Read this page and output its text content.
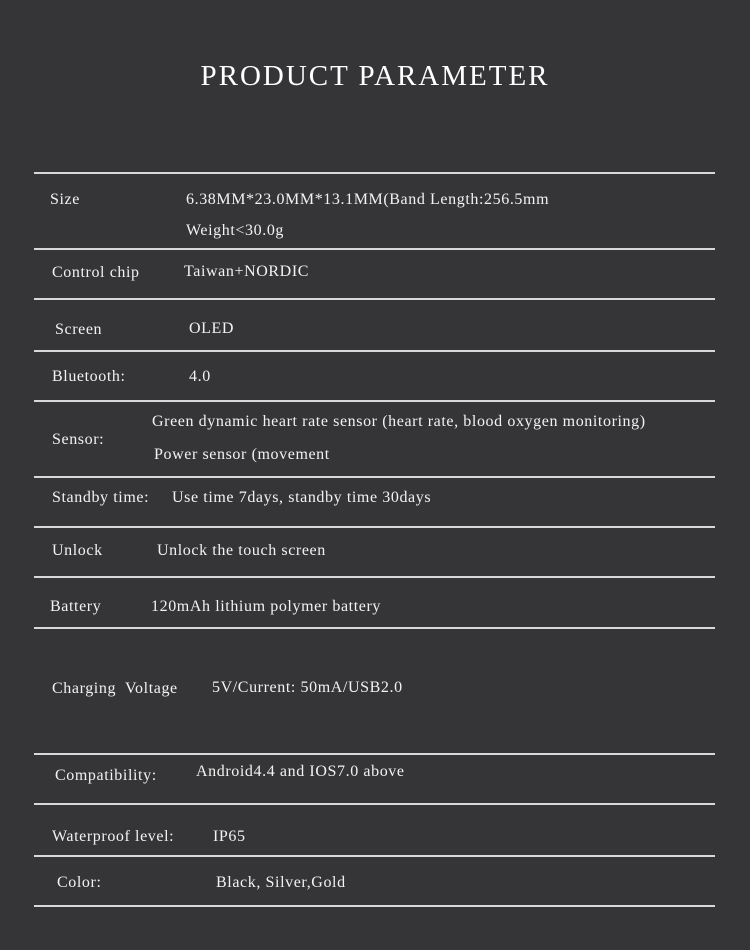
PRODUCT PARAMETER
Size	6.38MM*23.0MM*13.1MM(Band Length:256.5mm
Weight<30.0g
Control chip	Taiwan+NORDIC
Screen	OLED
Bluetooth:	4.0
Sensor:
Green dynamic heart rate sensor (heart rate, blood oxygen monitoring)
Power sensor (movement
Standby time: Use time 7days, standby time 30days
Unlock	Unlock the touch screen
Battery	120mAh lithium polymer battery
Charging  Voltage 5V/Current: 50mA/USB2.0
Compatibility: Android4.4 and IOS7.0 above
Waterproof level: IP65
Color:	Black, Silver,Gold
